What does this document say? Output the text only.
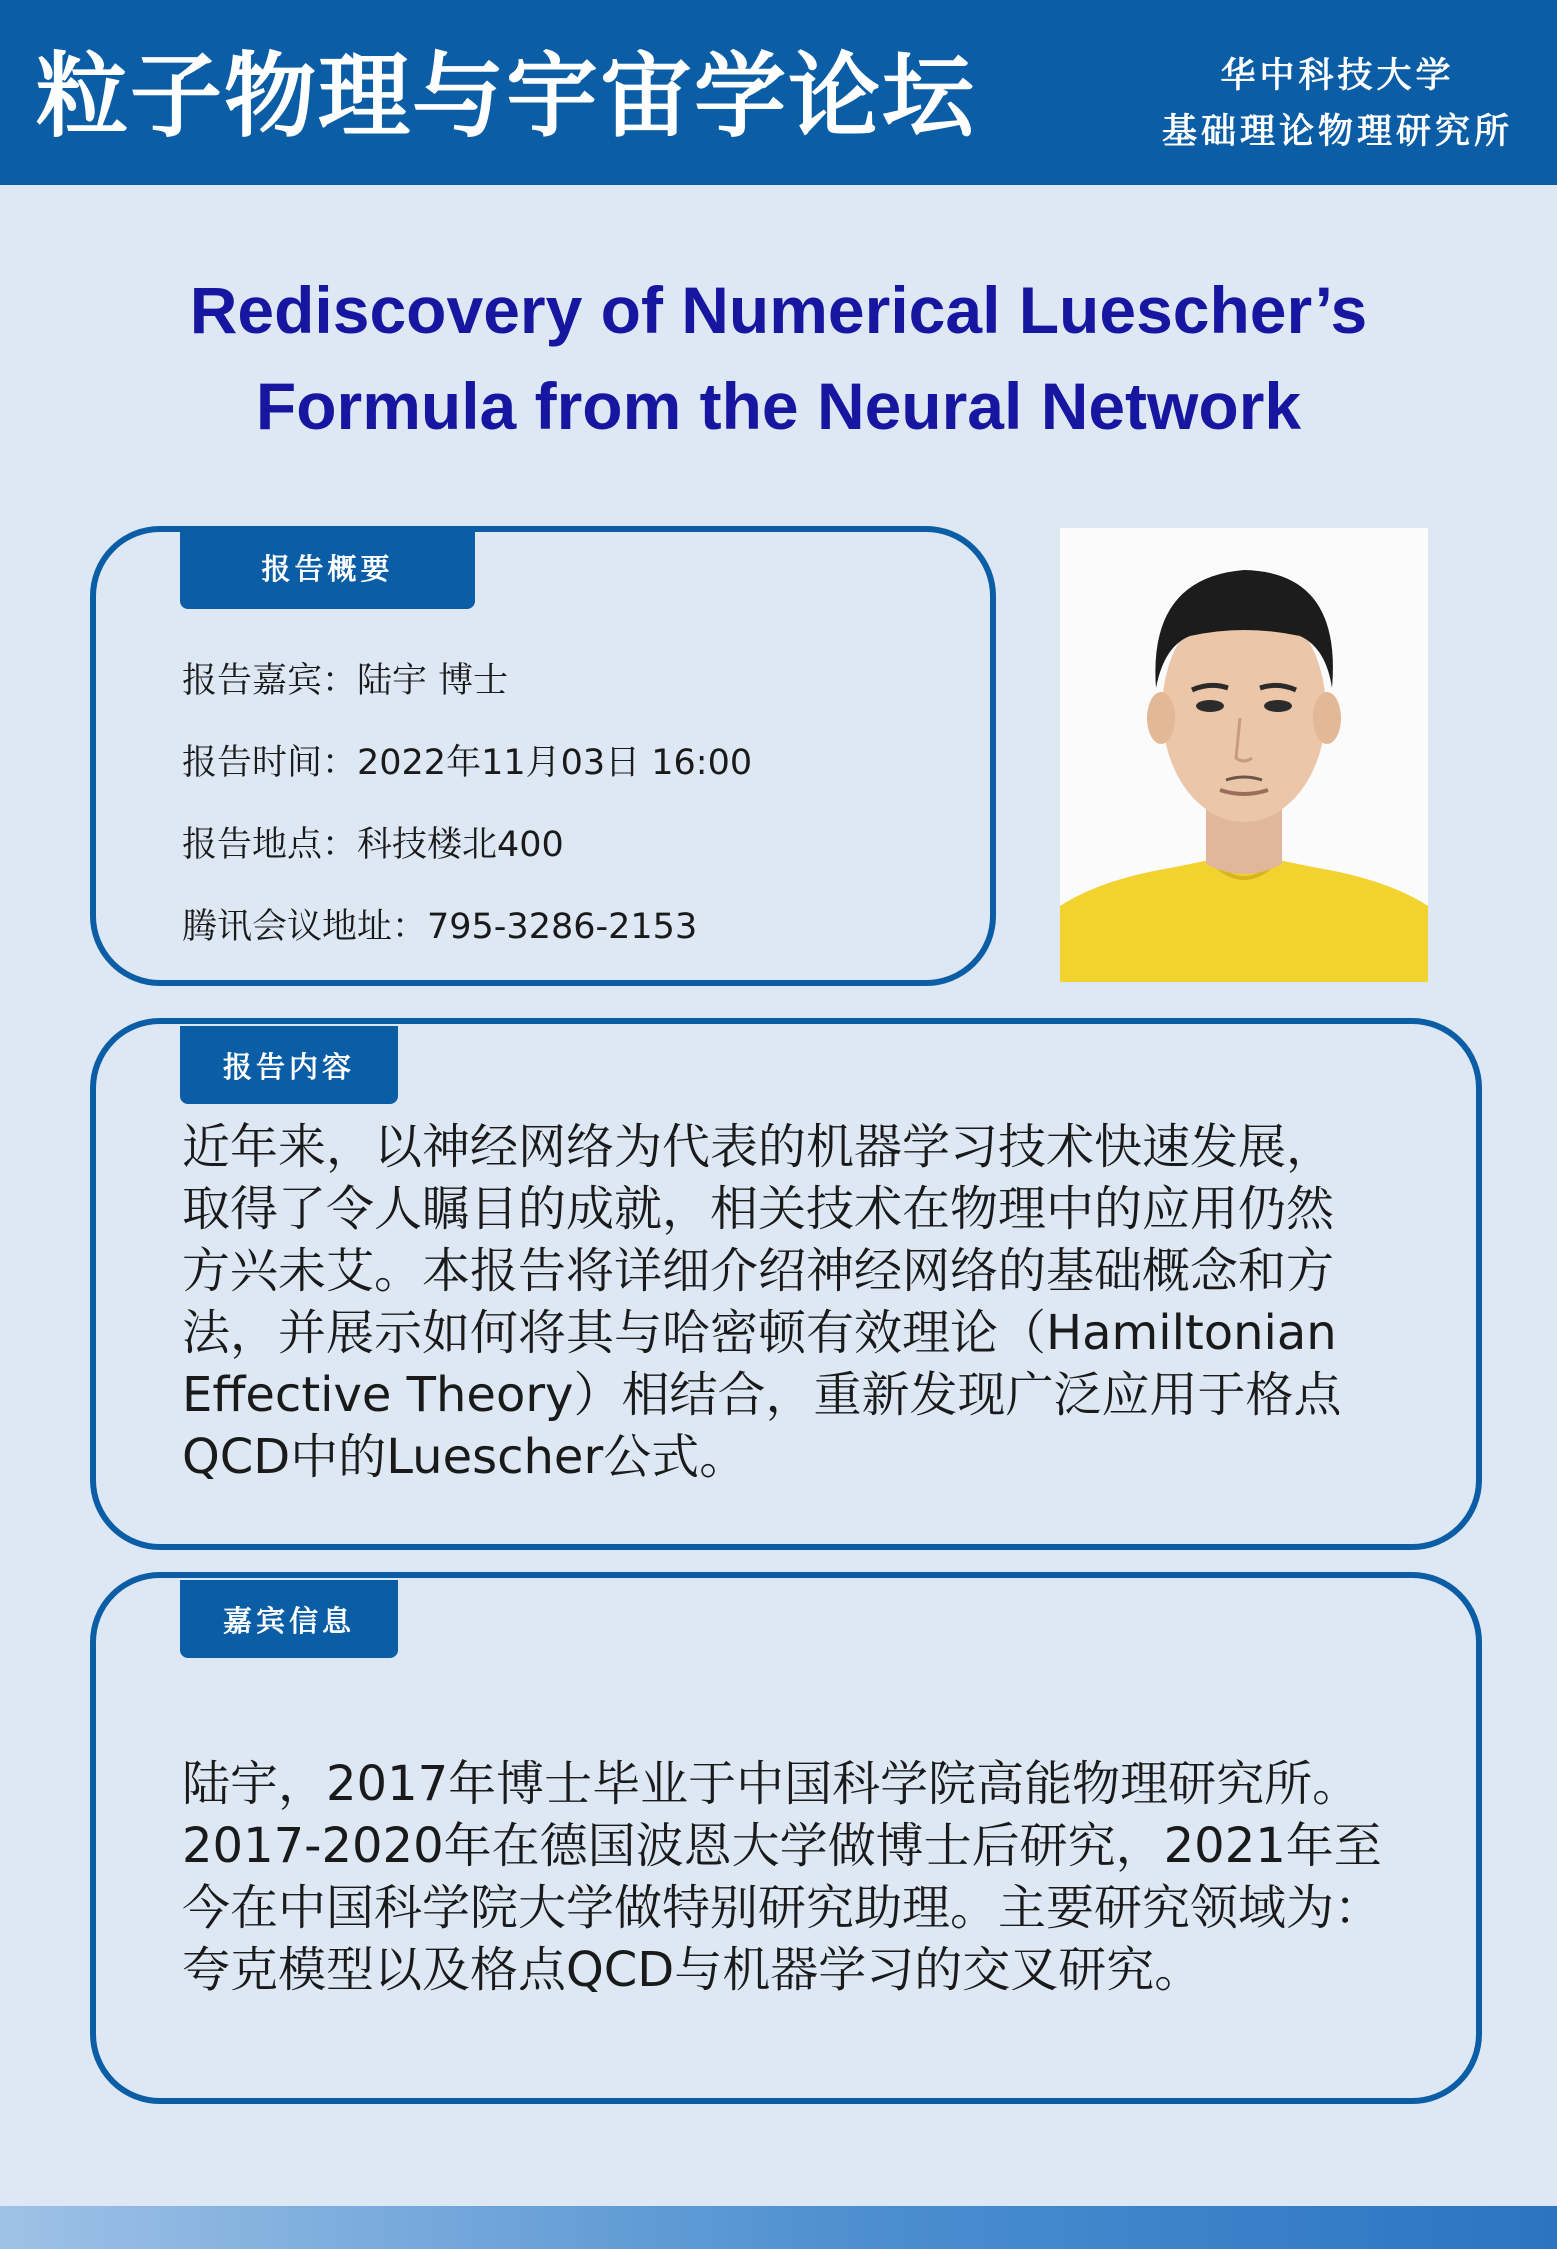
粒子物理与宇宙学论坛	华中科技大学
基础理论物理研究所
Rediscovery of Numerical Luescher’s
Formula from the Neural Network
报告概要
报告嘉宾：陆宇 博士
报告时间：2022年11月03日 16:00
报告地点：科技楼北400
腾讯会议地址：795-3286-2153
报告内容
近年来，以神经网络为代表的机器学习技术快速发展，
取得了令人瞩目的成就，相关技术在物理中的应用仍然
方兴未艾。本报告将详细介绍神经网络的基础概念和方
法，并展示如何将其与哈密顿有效理论（Hamiltonian
Effective Theory）相结合，重新发现广泛应用于格点
QCD中的Luescher公式。
嘉宾信息
陆宇，2017年博士毕业于中国科学院高能物理研究所。
2017-2020年在德国波恩大学做博士后研究，2021年至
今在中国科学院大学做特别研究助理。主要研究领域为：
夸克模型以及格点QCD与机器学习的交叉研究。
